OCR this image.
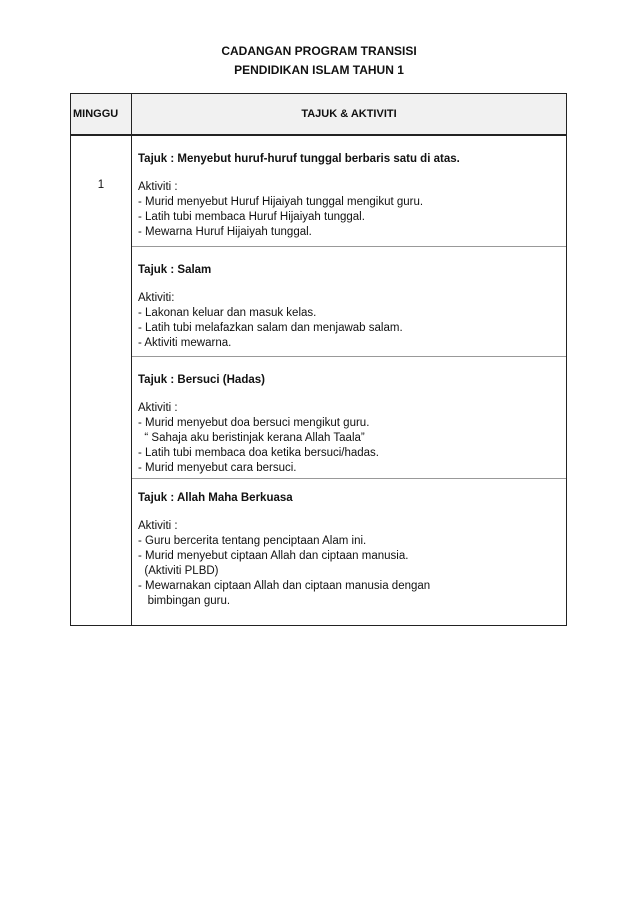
CADANGAN PROGRAM TRANSISI
PENDIDIKAN ISLAM TAHUN 1
MINGGU	TAJUK & AKTIVITI
1
Tajuk : Menyebut huruf-huruf tunggal berbaris satu di atas.
Aktiviti :
- Murid menyebut Huruf Hijaiyah tunggal mengikut guru.
- Latih tubi membaca Huruf Hijaiyah tunggal.
- Mewarna Huruf Hijaiyah tunggal.
Tajuk : Salam
Aktiviti:
- Lakonan keluar dan masuk kelas.
- Latih tubi melafazkan salam dan menjawab salam.
- Aktiviti mewarna.
Tajuk : Bersuci (Hadas)
Aktiviti :
- Murid menyebut doa bersuci mengikut guru.
“ Sahaja aku beristinjak kerana Allah Taala”
- Latih tubi membaca doa ketika bersuci/hadas.
- Murid menyebut cara bersuci.
Tajuk : Allah Maha Berkuasa
Aktiviti :
- Guru bercerita tentang penciptaan Alam ini.
- Murid menyebut ciptaan Allah dan ciptaan manusia.
(Aktiviti PLBD)
- Mewarnakan ciptaan Allah dan ciptaan manusia dengan
bimbingan guru.
